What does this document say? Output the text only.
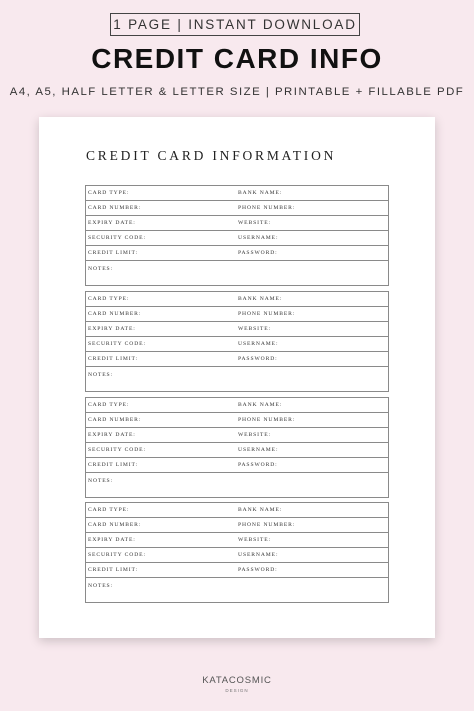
1 PAGE | INSTANT DOWNLOAD
CREDIT CARD INFO
A4, A5, HALF LETTER & LETTER SIZE | PRINTABLE + FILLABLE PDF
CREDIT CARD INFORMATION
CARD TYPE:	BANK NAME:
CARD NUMBER:	PHONE NUMBER:
EXPIRY DATE:	WEBSITE:
SECURITY CODE:	USERNAME:
CREDIT LIMIT:	PASSWORD:
NOTES:
CARD TYPE:	BANK NAME:
CARD NUMBER:	PHONE NUMBER:
EXPIRY DATE:	WEBSITE:
SECURITY CODE:	USERNAME:
CREDIT LIMIT:	PASSWORD:
NOTES:
CARD TYPE:	BANK NAME:
CARD NUMBER:	PHONE NUMBER:
EXPIRY DATE:	WEBSITE:
SECURITY CODE:	USERNAME:
CREDIT LIMIT:	PASSWORD:
NOTES:
CARD TYPE:	BANK NAME:
CARD NUMBER:	PHONE NUMBER:
EXPIRY DATE:	WEBSITE:
SECURITY CODE:	USERNAME:
CREDIT LIMIT:	PASSWORD:
NOTES:
KATACOSMIC
DESIGN
